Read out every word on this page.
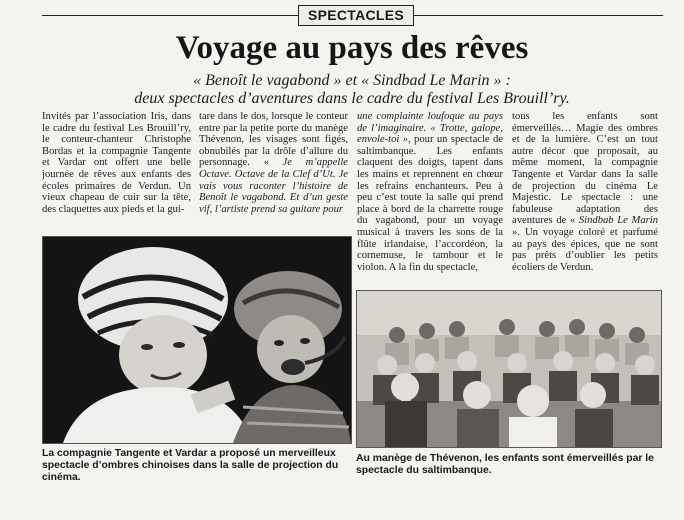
SPECTACLES
Voyage au pays des rêves
« Benoît le vagabond » et « Sindbad Le Marin » :
deux spectacles d’aventures dans le cadre du festival Les Brouill’ry.

Invités par l’association Iris, dans le cadre du festival Les Brouill’ry, le conteur-chanteur Christophe Bordas et la compagnie Tangente et Vardar ont offert une belle journée de rêves aux enfants des écoles primaires de Verdun. Un vieux chapeau de cuir sur la tête, des claquettes aux pieds et la gui-

tare dans le dos, lorsque le conteur entre par la petite porte du manège Thévenon, les visages sont figés, obnubilés par la drôle d’allure du personnage. « Je m’appelle Octave. Octave de la Clef d’Ut. Je vais vous raconter l’histoire de Benoît le vagabond. Et d’un geste vif, l’artiste prend sa guitare pour

une complainte loufoque au pays de l’imaginaire. « Trotte, galope, envole-toi », pour un spectacle de saltimbanque. Les enfants claquent des doigts, tapent dans les mains et reprennent en chœur les refrains enchanteurs. Peu à peu c’est toute la salle qui prend place à bord de la charrette rouge du vagabond, pour un voyage musical à travers les sons de la flûte irlandaise, l’accordéon, la cornemuse, le tambour et le violon. A la fin du spectacle,

tous les enfants sont émerveillés… Magie des ombres et de la lumière. C’est un tout autre décor que proposait, au même moment, la compagnie Tangente et Vardar dans la salle de projection du cinéma Le Majestic. Le spectacle : une fabuleuse adaptation des aventures de « Sindbab Le Marin ». Un voyage coloré et parfumé au pays des épices, que ne sont pas prêts d’oublier les petits écoliers de Verdun.

La compagnie Tangente et Vardar a proposé un merveilleux spectacle d’ombres chinoises dans la salle de projection du cinéma.
Au manège de Thévenon, les enfants sont émerveillés par le spectacle du saltimbanque.
